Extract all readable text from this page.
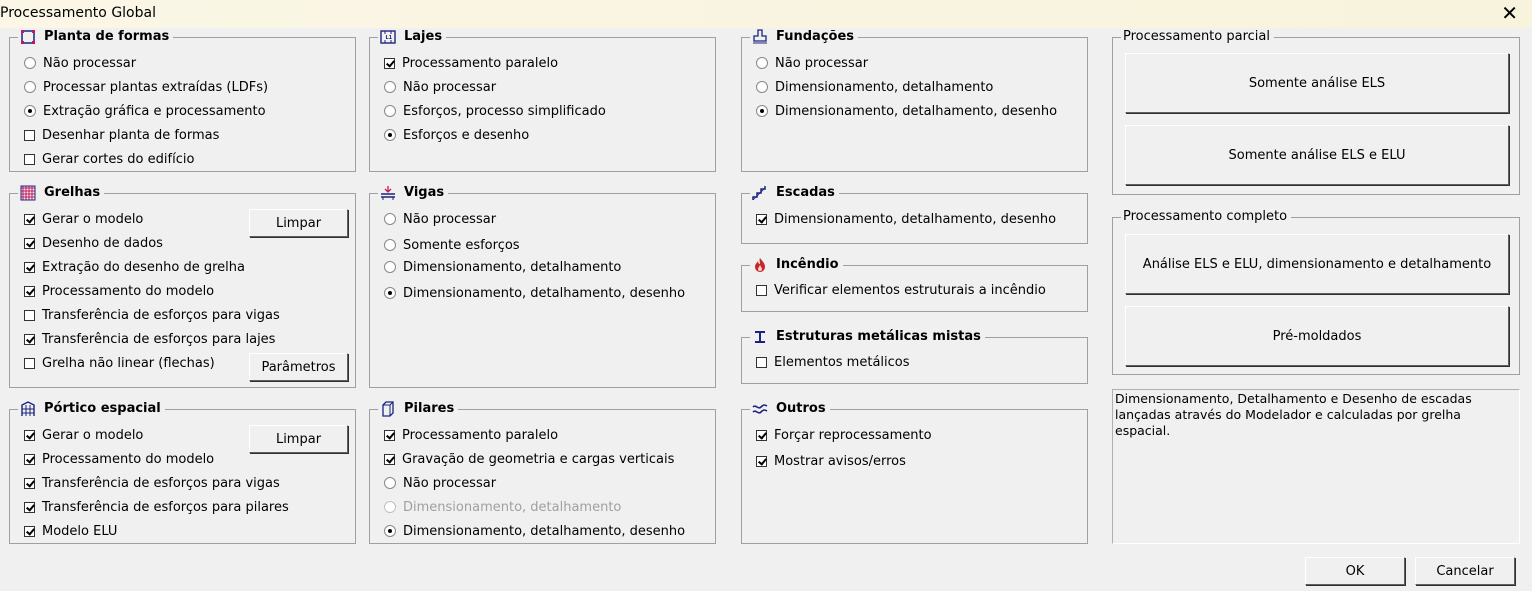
Processamento Global	✕
Planta de formas
Não processar
Processar plantas extraídas (LDFs)
Extração gráfica e processamento
Desenhar planta de formas
Gerar cortes do edifício
Grelhas
Gerar o modelo
Desenho de dados
Extração do desenho de grelha
Processamento do modelo
Transferência de esforços para vigas
Transferência de esforços para lajes
Grelha não linear (flechas)
Limpar
Parâmetros
Pórtico espacial
Gerar o modelo
Processamento do modelo
Transferência de esforços para vigas
Transferência de esforços para pilares
Modelo ELU
Limpar
L1 Lajes
Processamento paralelo
Não processar
Esforços, processo simplificado
Esforços e desenho
Vigas
Não processar
Somente esforços
Dimensionamento, detalhamento
Dimensionamento, detalhamento, desenho
Pilares
Processamento paralelo
Gravação de geometria e cargas verticais
Não processar
Dimensionamento, detalhamento
Dimensionamento, detalhamento, desenho
Fundações
Não processar
Dimensionamento, detalhamento
Dimensionamento, detalhamento, desenho
Escadas
Dimensionamento, detalhamento, desenho
Incêndio
Verificar elementos estruturais a incêndio
Estruturas metálicas mistas
Elementos metálicos
Outros
Forçar reprocessamento
Mostrar avisos/erros
Processamento parcial
Somente análise ELS
Somente análise ELS e ELU
Processamento completo
Análise ELS e ELU, dimensionamento e detalhamento
Pré-moldados
Dimensionamento, Detalhamento e Desenho de escadas lançadas através do Modelador e calculadas por grelha espacial.
OK	Cancelar
